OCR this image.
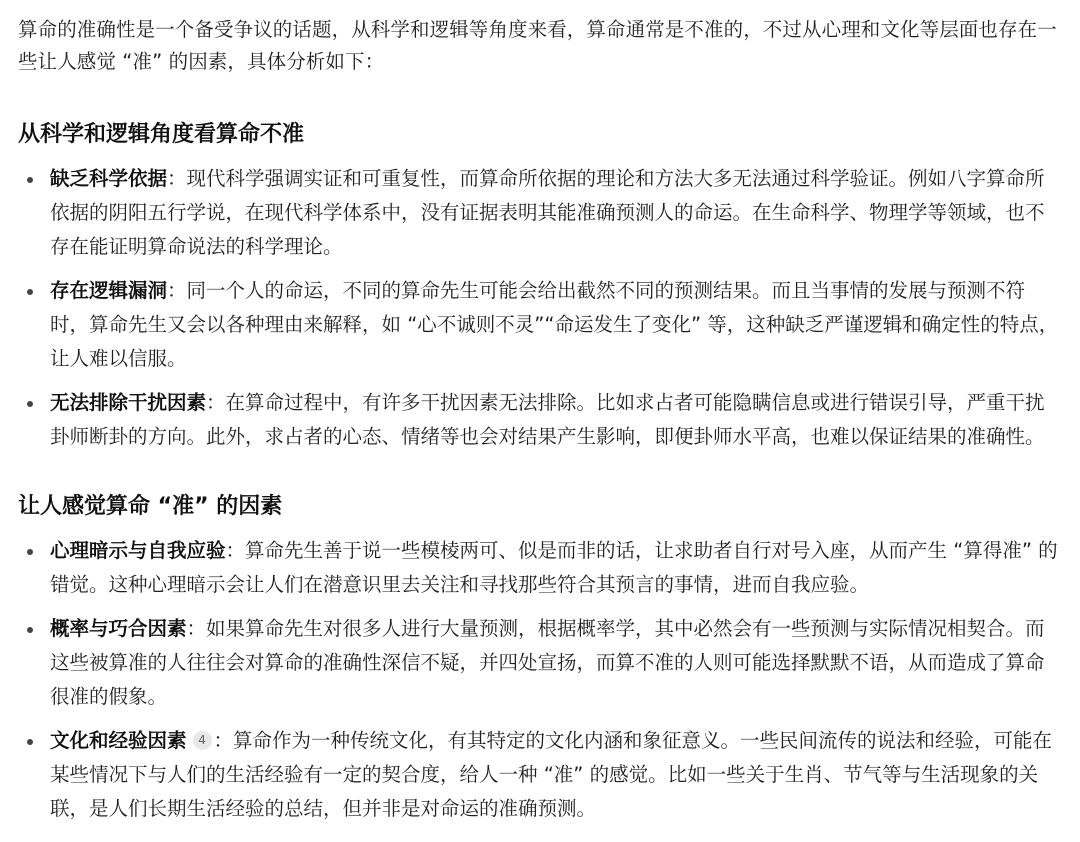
算命的准确性是一个备受争议的话题，从科学和逻辑等角度来看，算命通常是不准的，不过从心理和文化等层面也存在一些让人感觉 “准” 的因素，具体分析如下：

从科学和逻辑角度看算命不准
缺乏科学依据：现代科学强调实证和可重复性，而算命所依据的理论和方法大多无法通过科学验证。例如八字算命所依据的阴阳五行学说，在现代科学体系中，没有证据表明其能准确预测人的命运。在生命科学、物理学等领域，也不存在能证明算命说法的科学理论。
存在逻辑漏洞：同一个人的命运，不同的算命先生可能会给出截然不同的预测结果。而且当事情的发展与预测不符时，算命先生又会以各种理由来解释，如 “心不诚则不灵”“命运发生了变化” 等，这种缺乏严谨逻辑和确定性的特点，让人难以信服。
无法排除干扰因素：在算命过程中，有许多干扰因素无法排除。比如求占者可能隐瞒信息或进行错误引导，严重干扰卦师断卦的方向。此外，求占者的心态、情绪等也会对结果产生影响，即便卦师水平高，也难以保证结果的准确性。
让人感觉算命 “准” 的因素
心理暗示与自我应验：算命先生善于说一些模棱两可、似是而非的话，让求助者自行对号入座，从而产生 “算得准” 的错觉。这种心理暗示会让人们在潜意识里去关注和寻找那些符合其预言的事情，进而自我应验。
概率与巧合因素：如果算命先生对很多人进行大量预测，根据概率学，其中必然会有一些预测与实际情况相契合。而这些被算准的人往往会对算命的准确性深信不疑，并四处宣扬，而算不准的人则可能选择默默不语，从而造成了算命很准的假象。
文化和经验因素 4 ：算命作为一种传统文化，有其特定的文化内涵和象征意义。一些民间流传的说法和经验，可能在某些情况下与人们的生活经验有一定的契合度，给人一种 “准” 的感觉。比如一些关于生肖、节气等与生活现象的关联，是人们长期生活经验的总结，但并非是对命运的准确预测。
